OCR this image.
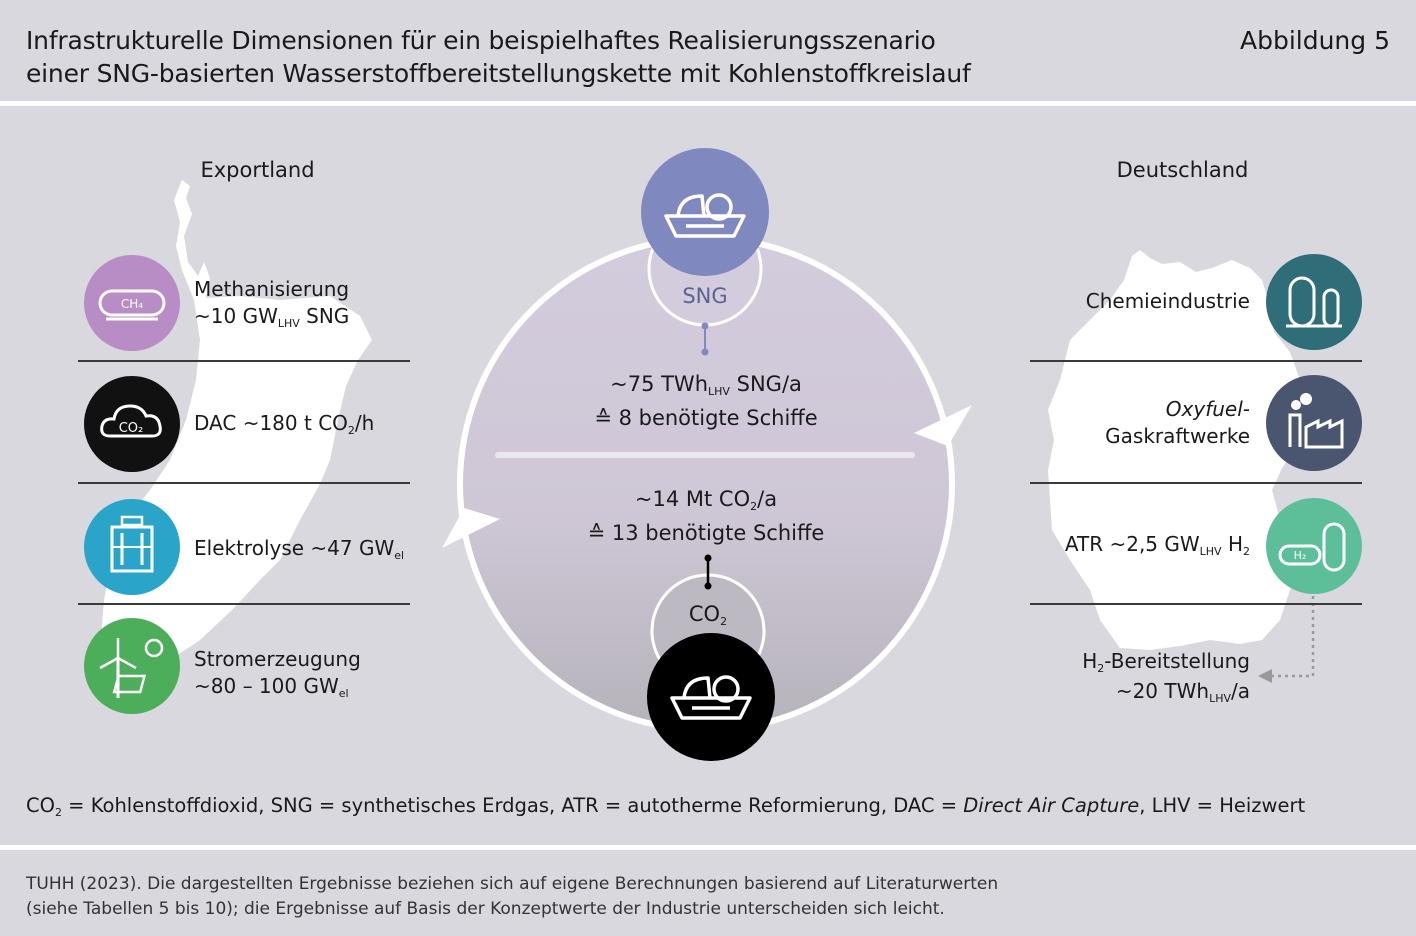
Infrastrukturelle Dimensionen für ein beispielhaftes Realisierungsszenario
einer SNG-basierten Wasserstoffbereitstellungskette mit Kohlenstoffkreislauf
Abbildung 5
Exportland	Deutschland
CH₄
Methanisierung
~10 $GW_{LHV}$ SNG
CO₂	DAC ~180 t $CO_2/h$
Elektrolyse ~47 $GW_{el}$
Stromerzeugung
~80 – 100 $GW_{el}$
Chemieindustrie
Oxyfuel-
Gaskraftwerke
ATR ~2,5 $GW_{LHV}$ $H_2$	H₂
$H_2$-Bereitstellung
~20 TWh$_{LHV}$/a
SNG
~75 TWhLHV SNG/a
≙ 8 benötigte Schiffe
~14 Mt CO2/a
≙ 13 benötigte Schiffe
CO2
$CO_2$ = Kohlenstoffdioxid, SNG = synthetisches Erdgas, ATR = autotherme Reformierung, DAC = Direct Air Capture, LHV = Heizwert
TUHH (2023). Die dargestellten Ergebnisse beziehen sich auf eigene Berechnungen basierend auf Literaturwerten
(siehe Tabellen 5 bis 10); die Ergebnisse auf Basis der Konzeptwerte der Industrie unterscheiden sich leicht.
